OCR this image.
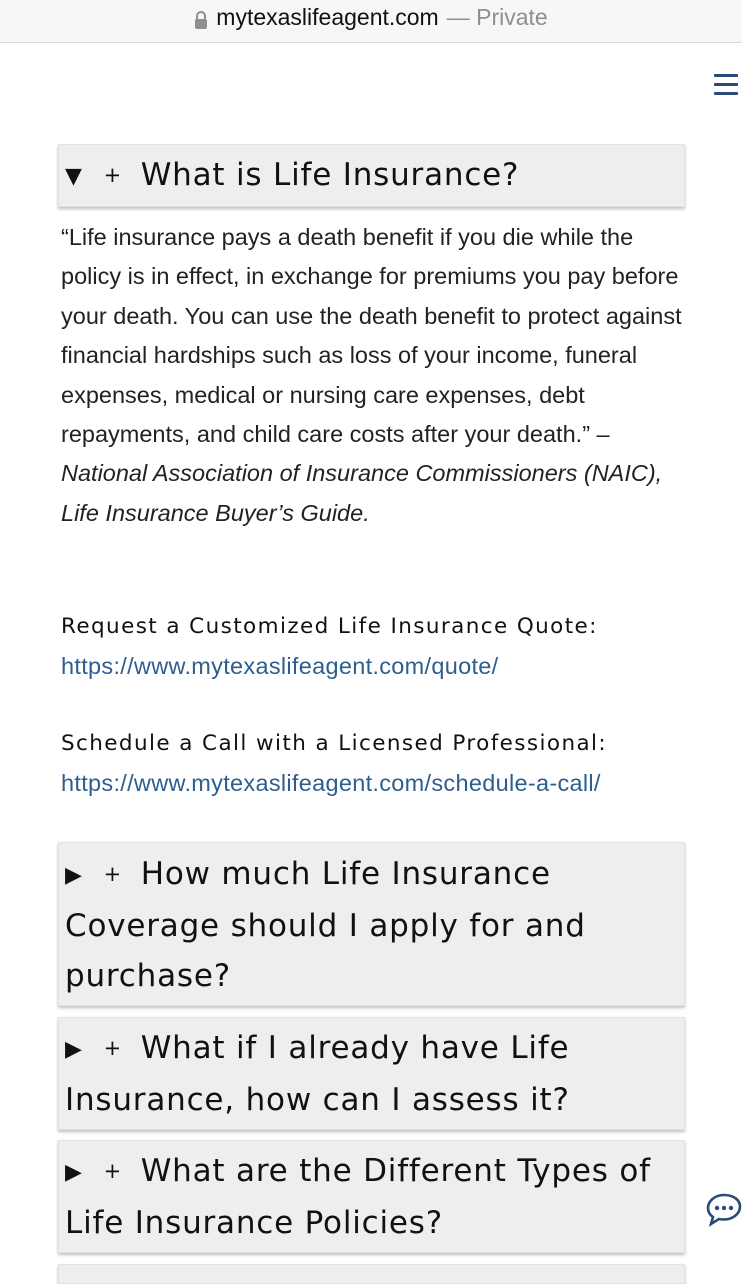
mytexaslifeagent.com — Private
▼ + What is Life Insurance?
“Life insurance pays a death benefit if you die while the policy is in effect, in exchange for premiums you pay before your death. You can use the death benefit to protect against financial hardships such as loss of your income, funeral expenses, medical or nursing care expenses, debt repayments, and child care costs after your death.” – National Association of Insurance Commissioners (NAIC), Life Insurance Buyer’s Guide.
Request a Customized Life Insurance Quote:
https://www.mytexaslifeagent.com/quote/
Schedule a Call with a Licensed Professional:
https://www.mytexaslifeagent.com/schedule-a-call/
▶ + How much Life Insurance Coverage should I apply for and purchase?
▶ + What if I already have Life Insurance, how can I assess it?
▶ + What are the Different Types of Life Insurance Policies?
